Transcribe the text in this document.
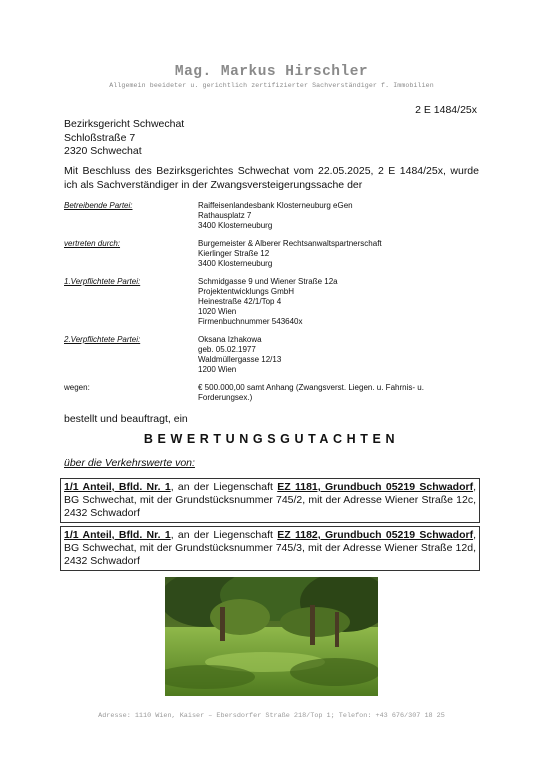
Mag. Markus Hirschler
Allgemein beeideter u. gerichtlich zertifizierter Sachverständiger f. Immobilien
2 E 1484/25x
Bezirksgericht Schwechat
Schloßstraße 7
2320 Schwechat
Mit Beschluss des Bezirksgerichtes Schwechat vom 22.05.2025, 2 E 1484/25x, wurde ich als Sachverständiger in der Zwangsversteigerungssache der
Betreibende Partei:	Raiffeisenlandesbank Klosterneuburg eGen
Rathausplatz 7
3400 Klosterneuburg
vertreten durch:	Burgemeister & Alberer Rechtsanwaltspartnerschaft
Kierlinger Straße 12
3400 Klosterneuburg
1.Verpflichtete Partei:	Schmidgasse 9 und Wiener Straße 12a
Projektentwicklungs GmbH
Heinestraße 42/1/Top 4
1020 Wien
Firmenbuchnummer 543640x
2.Verpflichtete Partei:	Oksana Izhakowa
geb. 05.02.1977
Waldmüllergasse 12/13
1200 Wien
wegen:	€ 500.000,00 samt Anhang (Zwangsverst. Liegen. u. Fahrnis- u.
Forderungsex.)
bestellt und beauftragt, ein
BEWERTUNGSGUTACHTEN
über die Verkehrswerte von:
1/1 Anteil, Bfld. Nr. 1, an der Liegenschaft EZ 1181, Grundbuch 05219 Schwadorf, BG Schwechat, mit der Grundstücksnummer 745/2, mit der Adresse Wiener Straße 12c, 2432 Schwadorf
1/1 Anteil, Bfld. Nr. 1, an der Liegenschaft EZ 1182, Grundbuch 05219 Schwadorf, BG Schwechat, mit der Grundstücksnummer 745/3, mit der Adresse Wiener Straße 12d, 2432 Schwadorf
Adresse: 1110 Wien, Kaiser – Ebersdorfer Straße 218/Top 1; Telefon: +43 676/307 18 25
